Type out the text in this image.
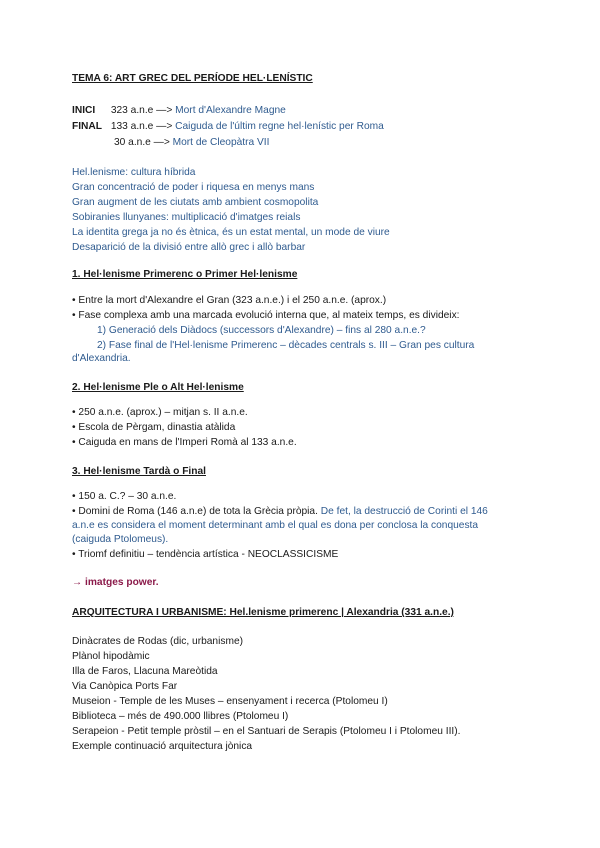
TEMA 6: ART GREC DEL PERÍODE HEL·LENÍSTIC
INICI 323 a.n.e —> Mort d'Alexandre Magne
FINAL 133 a.n.e —> Caiguda de l'últim regne hel·lenístic per Roma
30 a.n.e —> Mort de Cleopàtra VII
Hel.lenisme: cultura híbrida
Gran concentració de poder i riquesa en menys mans
Gran augment de les ciutats amb ambient cosmopolita
Sobiranies llunyanes: multiplicació d'imatges reials
La identita gregа ja no és ètnica, és un estat mental, un mode de viure
Desaparició de la divisió entre allò grec i allò barbar
1. Hel·lenisme Primerenc o Primer Hel·lenisme
• Entre la mort d'Alexandre el Gran (323 a.n.e.) i el 250 a.n.e. (aprox.)
• Fase complexa amb una marcada evolució interna que, al mateix temps, es divideix:
1) Generació dels Diàdocs (successors d'Alexandre) – fins al 280 a.n.e.?
2) Fase final de l'Hel·lenisme Primerenc – dècades centrals s. III – Gran pes cultura
d'Alexandria.
2. Hel·lenisme Ple o Alt Hel·lenisme
• 250 a.n.e. (aprox.) – mitjan s. II a.n.e.
• Escola de Pèrgam, dinastia atàlida
• Caiguda en mans de l'Imperi Romà al 133 a.n.e.
3. Hel·lenisme Tardà o Final
• 150 a. C.? – 30 a.n.e.
• Domini de Roma (146 a.n.e) de tota la Grècia pròpia. De fet, la destrucció de Corinti el 146
a.n.e es considera el moment determinant amb el qual es dona per conclosa la conquesta
(caiguda Ptolomeus).
• Triomf definitiu – tendència artística - NEOCLASSICISME
→ imatges power.
ARQUITECTURA I URBANISME: Hel.lenisme primerenc | Alexandria (331 a.n.e.)
Dinàcrates de Rodas (dic, urbanisme)
Plànol hipodàmic
Illa de Faros, Llacuna Mareòtida
Via Canòpica Ports Far
Museion - Temple de les Muses – ensenyament i recerca (Ptolomeu I)
Biblioteca – més de 490.000 llibres (Ptolomeu I)
Serapeion - Petit temple pròstil – en el Santuari de Serapis (Ptolomeu I i Ptolomeu III).
Exemple continuació arquitectura jònica
